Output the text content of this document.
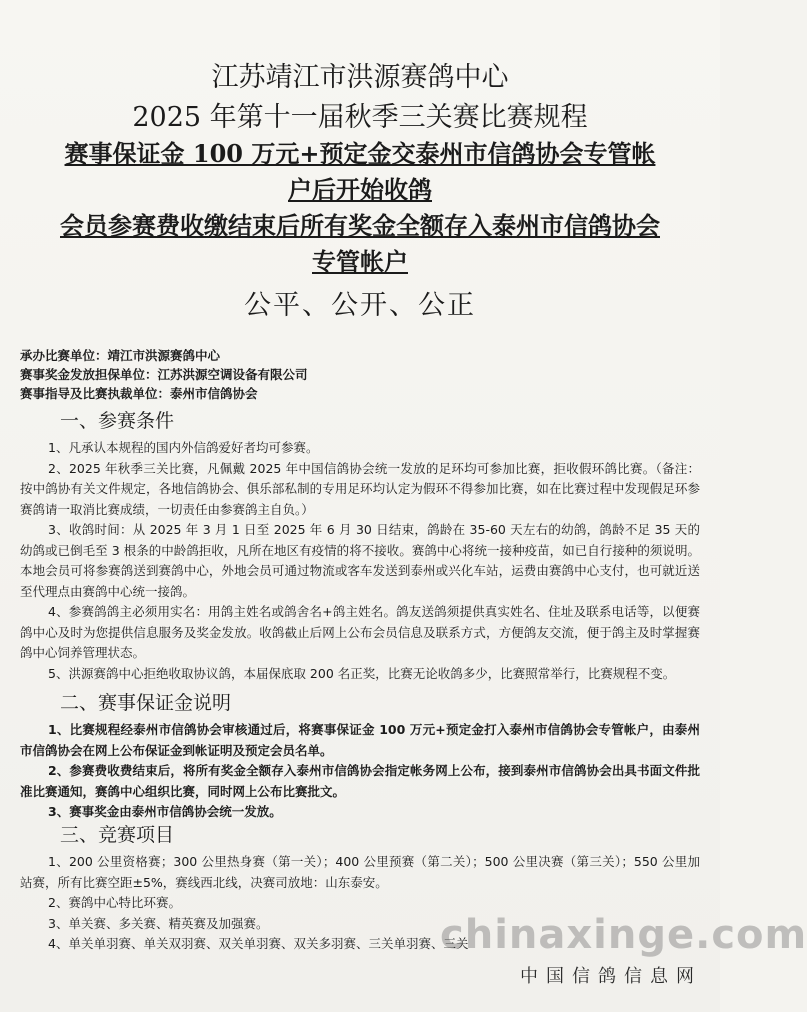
江苏靖江市洪源赛鸽中心
2025 年第十一届秋季三关赛比赛规程
赛事保证金 100 万元+预定金交泰州市信鸽协会专管帐户后开始收鸽
会员参赛费收缴结束后所有奖金全额存入泰州市信鸽协会专管帐户
公平、公开、公正
承办比赛单位：靖江市洪源赛鸽中心
赛事奖金发放担保单位：江苏洪源空调设备有限公司
赛事指导及比赛执裁单位：泰州市信鸽协会
一、参赛条件

1、凡承认本规程的国内外信鸽爱好者均可参赛。

2、2025 年秋季三关比赛，凡佩戴 2025 年中国信鸽协会统一发放的足环均可参加比赛，拒收假环鸽比赛。（备注：按中鸽协有关文件规定，各地信鸽协会、俱乐部私制的专用足环均认定为假环不得参加比赛，如在比赛过程中发现假足环参赛鸽请一取消比赛成绩，一切责任由参赛鸽主自负。）

3、收鸽时间：从 2025 年 3 月 1 日至 2025 年 6 月 30 日结束，鸽龄在 35-60 天左右的幼鸽，鸽龄不足 35 天的幼鸽或已倒毛至 3 根条的中龄鸽拒收，凡所在地区有疫情的将不接收。赛鸽中心将统一接种疫苗，如已自行接种的须说明。本地会员可将参赛鸽送到赛鸽中心，外地会员可通过物流或客车发送到泰州或兴化车站，运费由赛鸽中心支付，也可就近送至代理点由赛鸽中心统一接鸽。

4、参赛鸽鸽主必须用实名：用鸽主姓名或鸽舍名+鸽主姓名。鸽友送鸽须提供真实姓名、住址及联系电话等，以便赛鸽中心及时为您提供信息服务及奖金发放。收鸽截止后网上公布会员信息及联系方式，方便鸽友交流，便于鸽主及时掌握赛鸽中心饲养管理状态。

5、洪源赛鸽中心拒绝收取协议鸽，本届保底取 200 名正奖，比赛无论收鸽多少，比赛照常举行，比赛规程不变。

二、赛事保证金说明

1、比赛规程经泰州市信鸽协会审核通过后，将赛事保证金 100 万元+预定金打入泰州市信鸽协会专管帐户，由泰州市信鸽协会在网上公布保证金到帐证明及预定会员名单。

2、参赛费收费结束后，将所有奖金全额存入泰州市信鸽协会指定帐务网上公布，接到泰州市信鸽协会出具书面文件批准比赛通知，赛鸽中心组织比赛，同时网上公布比赛批文。

3、赛事奖金由泰州市信鸽协会统一发放。

三、竞赛项目

1、200 公里资格赛；300 公里热身赛（第一关）；400 公里预赛（第二关）；500 公里决赛（第三关）；550 公里加站赛，所有比赛空距±5%，赛线西北线，决赛司放地：山东泰安。

2、赛鸽中心特比环赛。

3、单关赛、多关赛、精英赛及加强赛。

4、单关单羽赛、单关双羽赛、双关单羽赛、双关多羽赛、三关单羽赛、三关

chinaxinge.com
中国信鸽信息网
